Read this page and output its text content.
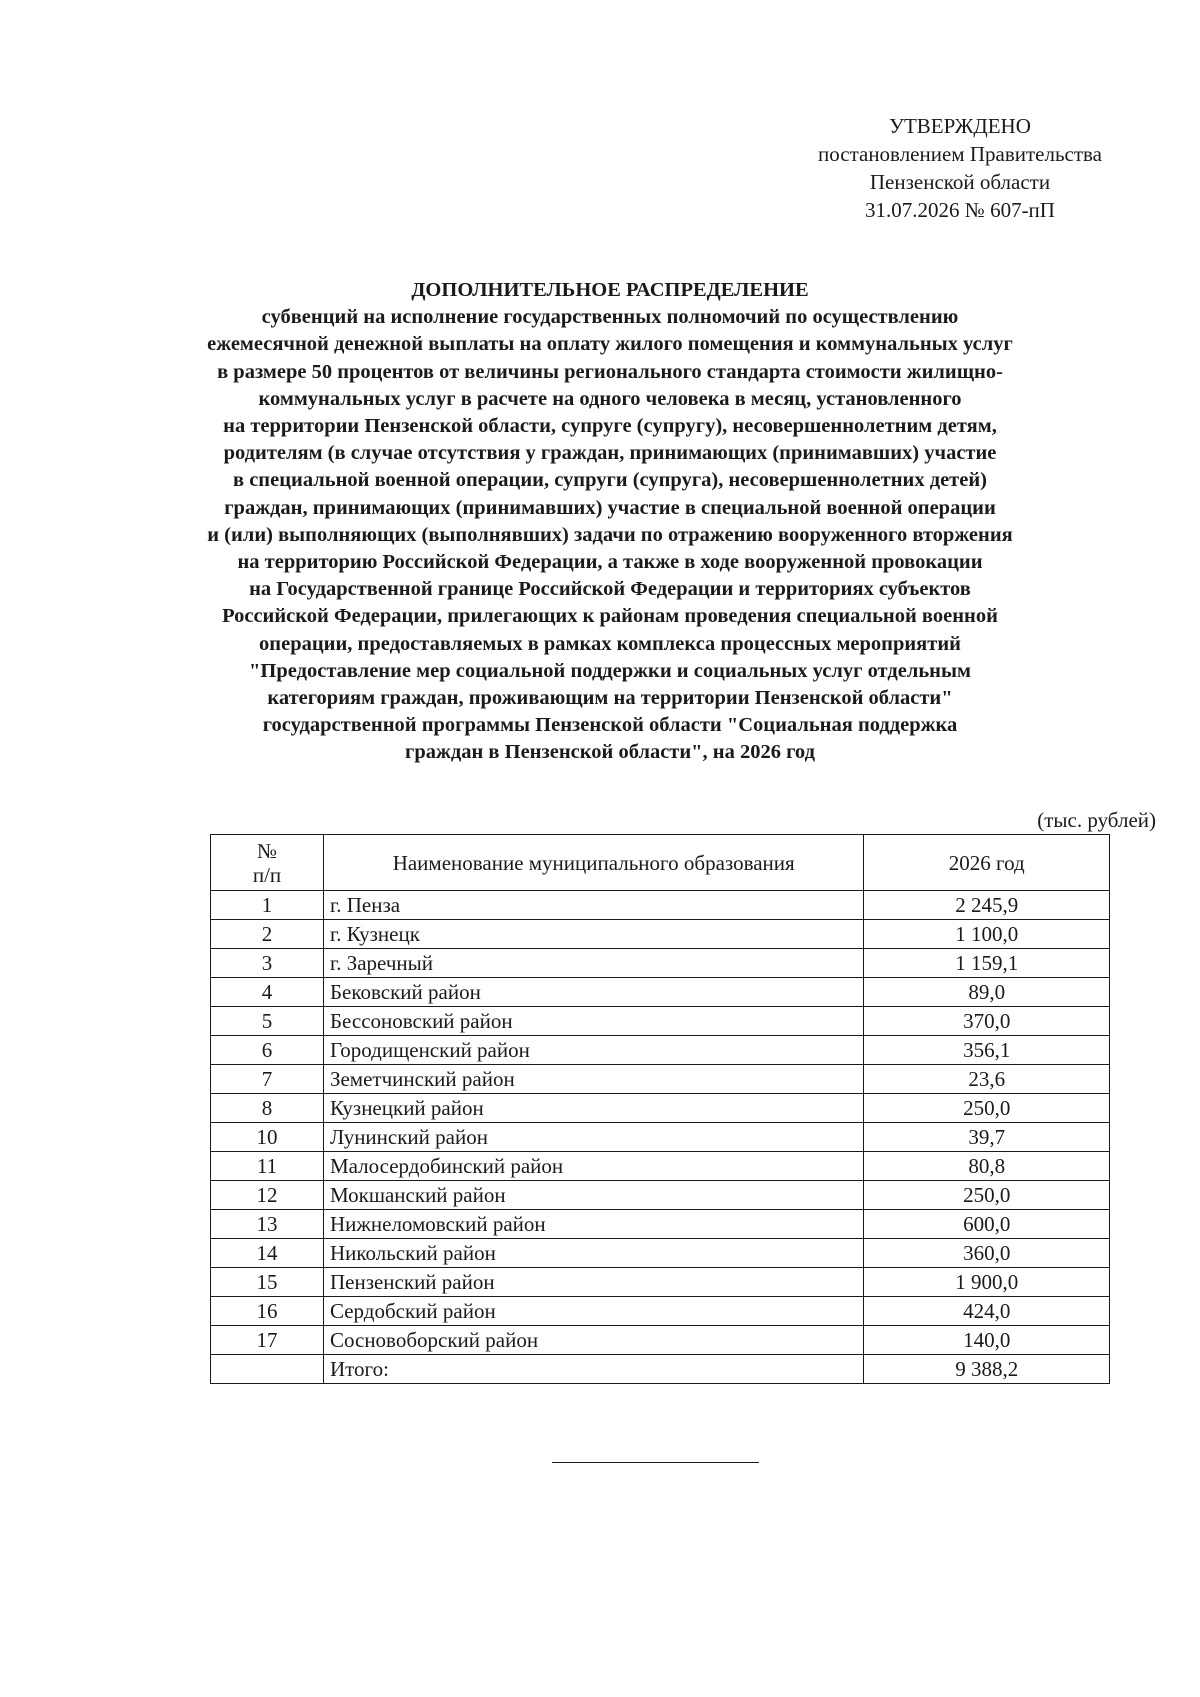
УТВЕРЖДЕНО
постановлением Правительства
Пензенской области
31.07.2026 № 607-пП
ДОПОЛНИТЕЛЬНОЕ РАСПРЕДЕЛЕНИЕ
субвенций на исполнение государственных полномочий по осуществлению
ежемесячной денежной выплаты на оплату жилого помещения и коммунальных услуг
в размере 50 процентов от величины регионального стандарта стоимости жилищно-
коммунальных услуг в расчете на одного человека в месяц, установленного
на территории Пензенской области, супруге (супругу), несовершеннолетним детям,
родителям (в случае отсутствия у граждан, принимающих (принимавших) участие
в специальной военной операции, супруги (супруга), несовершеннолетних детей)
граждан, принимающих (принимавших) участие в специальной военной операции
и (или) выполняющих (выполнявших) задачи по отражению вооруженного вторжения
на территорию Российской Федерации, а также в ходе вооруженной провокации
на Государственной границе Российской Федерации и территориях субъектов
Российской Федерации, прилегающих к районам проведения специальной военной
операции, предоставляемых в рамках комплекса процессных мероприятий
"Предоставление мер социальной поддержки и социальных услуг отдельным
категориям граждан, проживающим на территории Пензенской области"
государственной программы Пензенской области "Социальная поддержка
граждан в Пензенской области", на 2026 год
(тыс. рублей)
№
п/п	Наименование муниципального образования	2026 год
1	г. Пенза	2 245,9
2	г. Кузнецк	1 100,0
3	г. Заречный	1 159,1
4	Бековский район	89,0
5	Бессоновский район	370,0
6	Городищенский район	356,1
7	Земетчинский район	23,6
8	Кузнецкий район	250,0
10	Лунинский район	39,7
11	Малосердобинский район	80,8
12	Мокшанский район	250,0
13	Нижнеломовский район	600,0
14	Никольский район	360,0
15	Пензенский район	1 900,0
16	Сердобский район	424,0
17	Сосновоборский район	140,0
	Итого:	9 388,2
